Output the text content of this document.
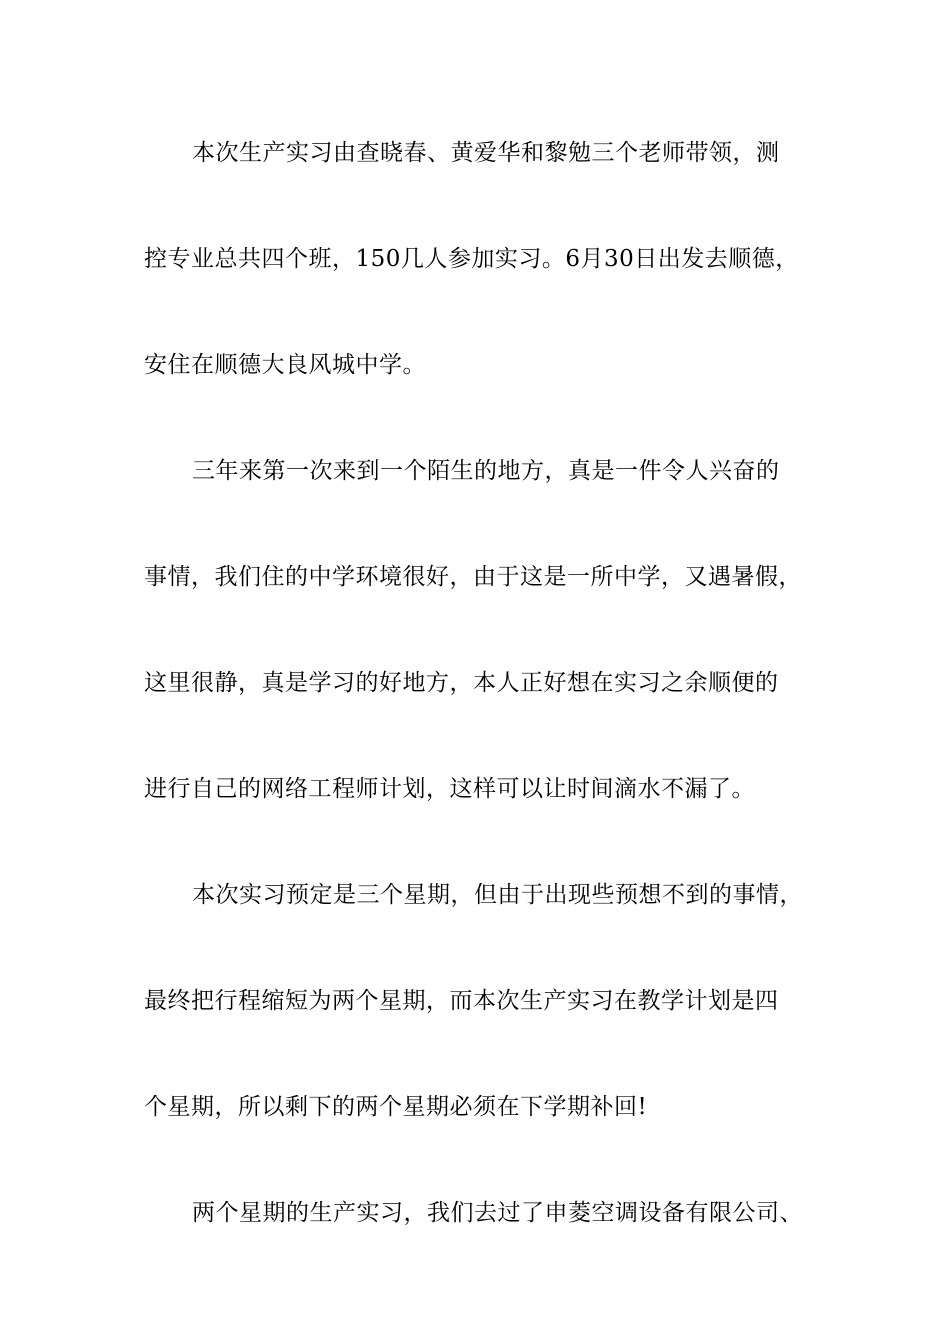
本次生产实习由查晓春、黄爱华和黎勉三个老师带领，测
控专业总共四个班，150几人参加实习。6月30日出发去顺德，
安住在顺德大良风城中学。
三年来第一次来到一个陌生的地方，真是一件令人兴奋的
事情，我们住的中学环境很好，由于这是一所中学，又遇暑假，
这里很静，真是学习的好地方，本人正好想在实习之余顺便的
进行自己的网络工程师计划，这样可以让时间滴水不漏了。
本次实习预定是三个星期，但由于出现些预想不到的事情，
最终把行程缩短为两个星期，而本次生产实习在教学计划是四
个星期，所以剩下的两个星期必须在下学期补回!
两个星期的生产实习，我们去过了申菱空调设备有限公司、
